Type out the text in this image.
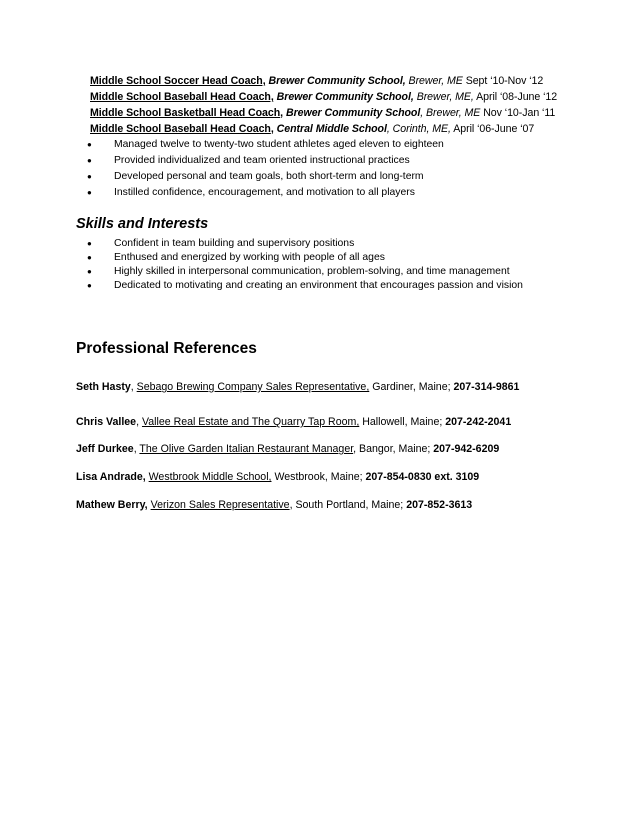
Middle School Soccer Head Coach, Brewer Community School, Brewer, ME Sept ‘10-Nov ‘12
Middle School Baseball Head Coach, Brewer Community School, Brewer, ME, April ‘08-June ‘12
Middle School Basketball Head Coach, Brewer Community School, Brewer, ME Nov ‘10-Jan ‘11
Middle School Baseball Head Coach, Central Middle School, Corinth, ME, April ‘06-June ‘07
● Managed twelve to twenty-two student athletes aged eleven to eighteen
● Provided individualized and team oriented instructional practices
● Developed personal and team goals, both short-term and long-term
● Instilled confidence, encouragement, and motivation to all players
Skills and Interests
● Confident in team building and supervisory positions
● Enthused and energized by working with people of all ages
● Highly skilled in interpersonal communication, problem-solving, and time management
● Dedicated to motivating and creating an environment that encourages passion and vision
Professional References
Seth Hasty, Sebago Brewing Company Sales Representative, Gardiner, Maine; 207-314-9861
Chris Vallee, Vallee Real Estate and The Quarry Tap Room, Hallowell, Maine; 207-242-2041
Jeff Durkee, The Olive Garden Italian Restaurant Manager, Bangor, Maine; 207-942-6209
Lisa Andrade, Westbrook Middle School, Westbrook, Maine; 207-854-0830 ext. 3109
Mathew Berry, Verizon Sales Representative, South Portland, Maine; 207-852-3613
